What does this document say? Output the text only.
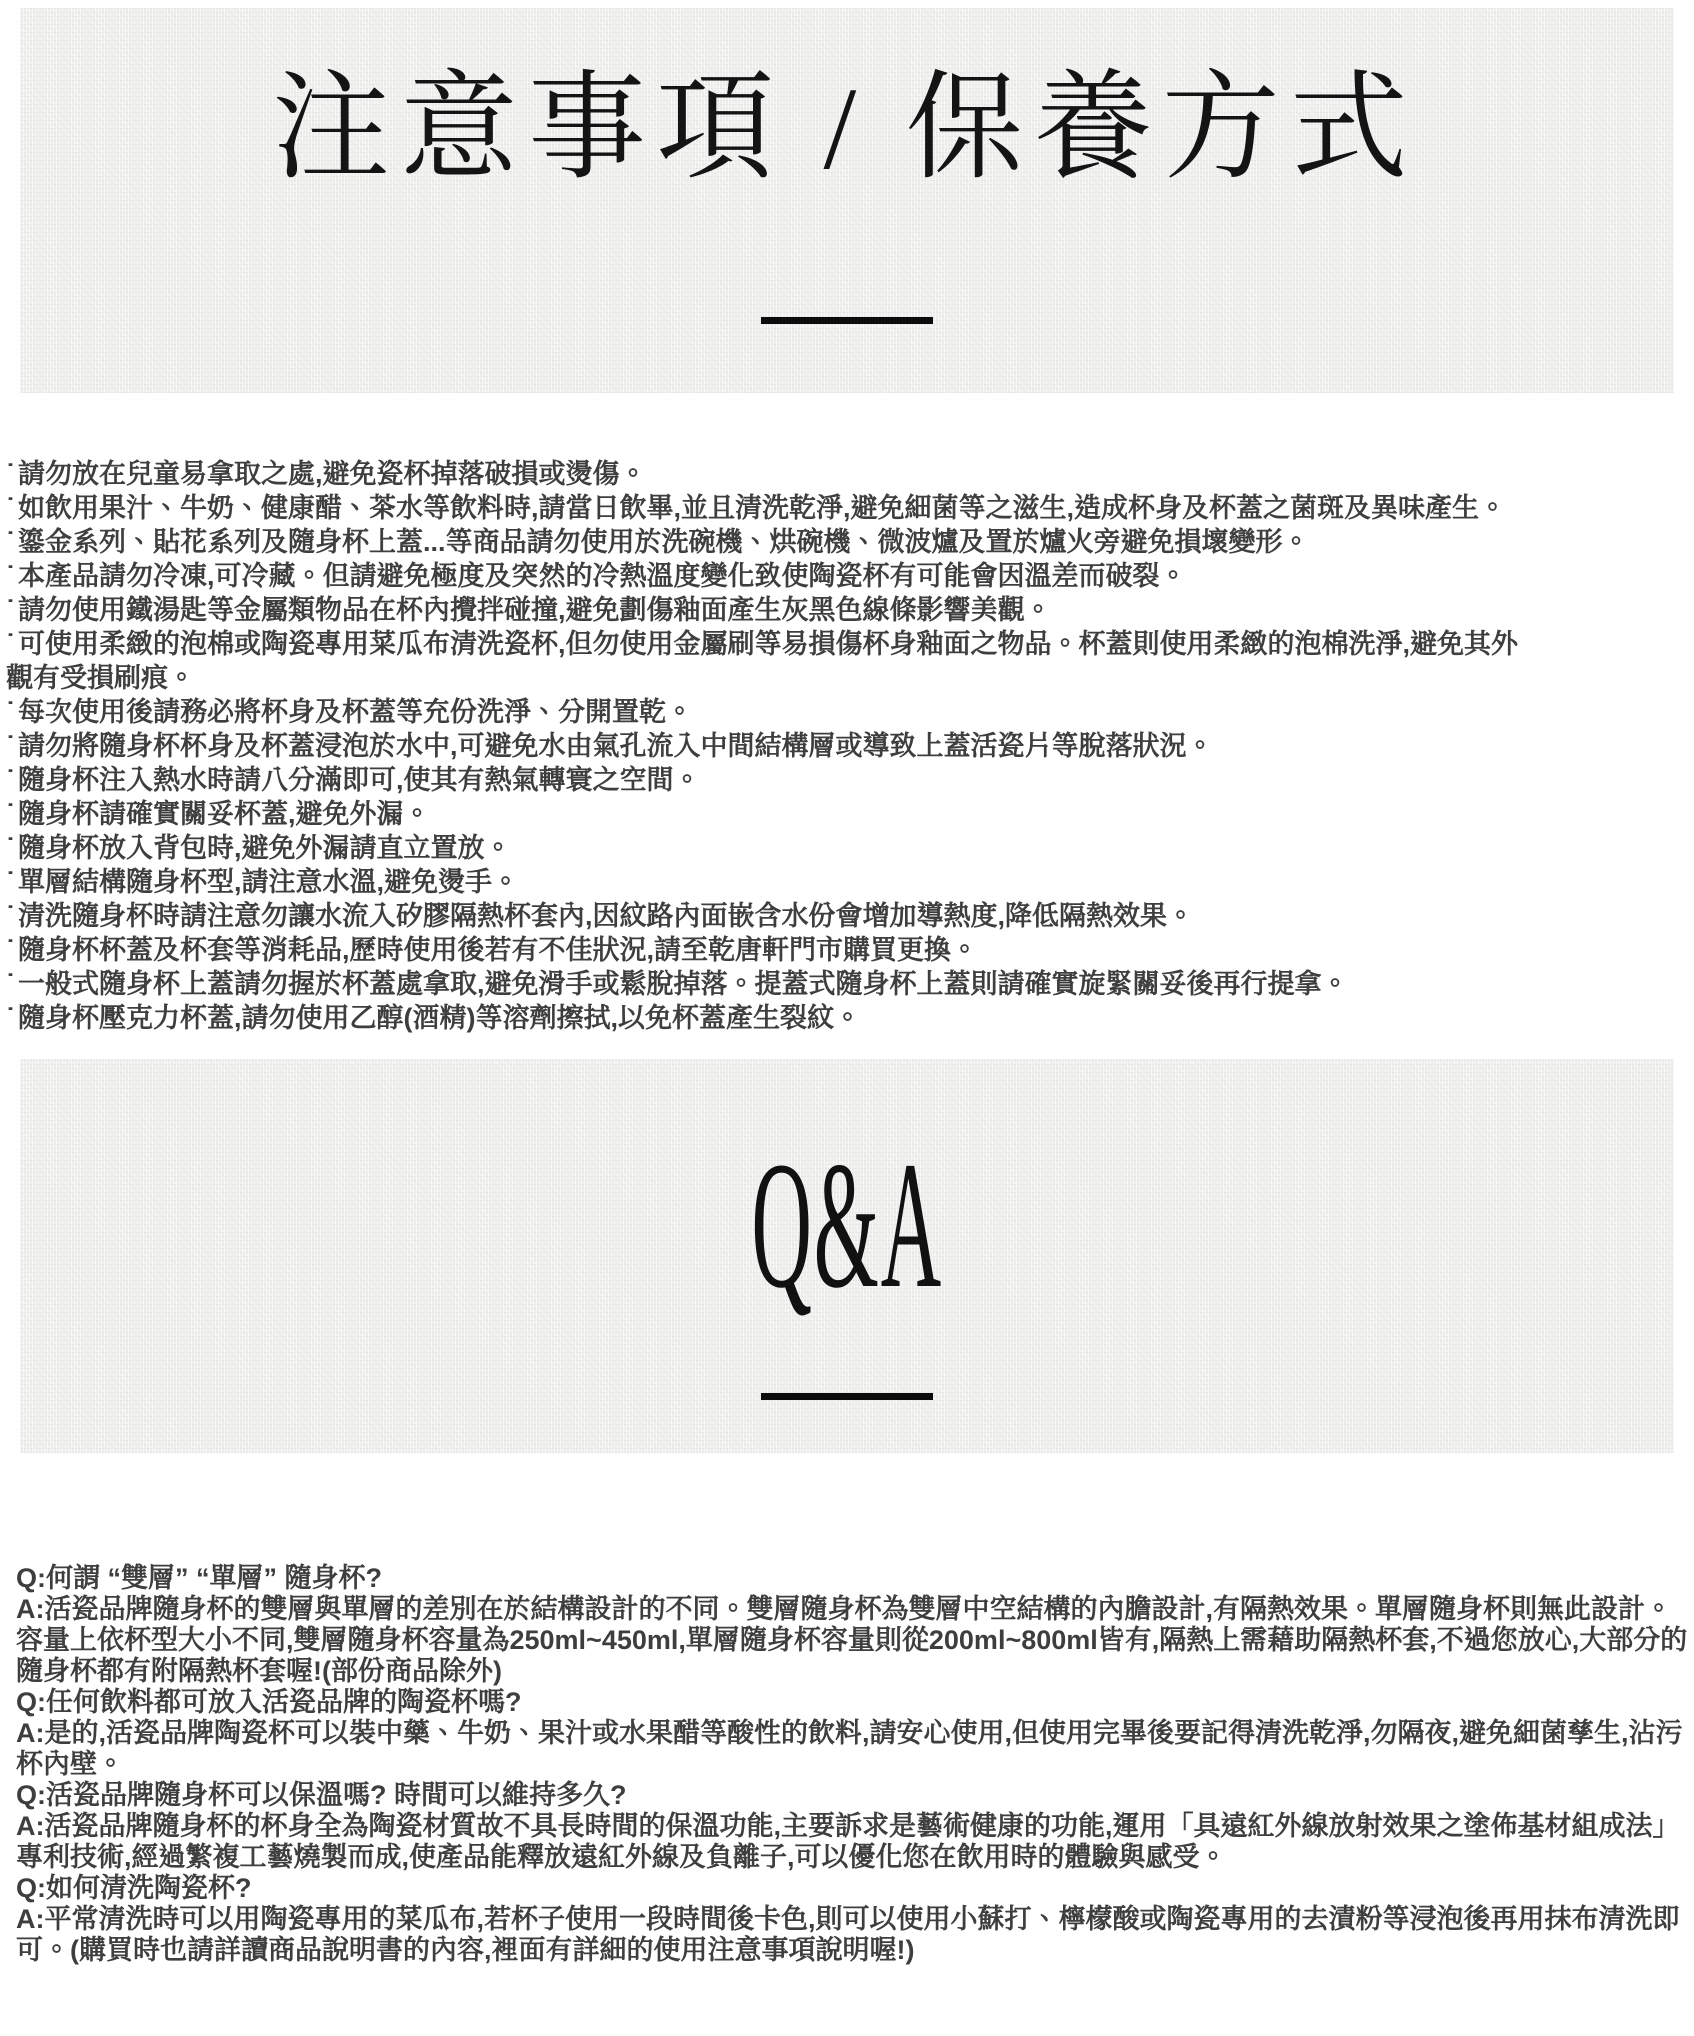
注意事項 / 保養方式
˙ 請勿放在兒童易拿取之處,避免瓷杯掉落破損或燙傷。
˙ 如飲用果汁、牛奶、健康醋、茶水等飲料時,請當日飲畢,並且清洗乾淨,避免細菌等之滋生,造成杯身及杯蓋之菌斑及異味產生。
˙ 鎏金系列、貼花系列及隨身杯上蓋...等商品請勿使用於洗碗機、烘碗機、微波爐及置於爐火旁避免損壞變形。
˙ 本產品請勿冷凍,可冷藏。但請避免極度及突然的冷熱溫度變化致使陶瓷杯有可能會因溫差而破裂。
˙ 請勿使用鐵湯匙等金屬類物品在杯內攪拌碰撞,避免劃傷釉面產生灰黑色線條影響美觀。
˙ 可使用柔緻的泡棉或陶瓷專用菜瓜布清洗瓷杯,但勿使用金屬刷等易損傷杯身釉面之物品。杯蓋則使用柔緻的泡棉洗淨,避免其外觀有受損刷痕。
˙ 每次使用後請務必將杯身及杯蓋等充份洗淨、分開置乾。
˙ 請勿將隨身杯杯身及杯蓋浸泡於水中,可避免水由氣孔流入中間結構層或導致上蓋活瓷片等脫落狀況。
˙ 隨身杯注入熱水時請八分滿即可,使其有熱氣轉寰之空間。
˙ 隨身杯請確實關妥杯蓋,避免外漏。
˙ 隨身杯放入背包時,避免外漏請直立置放。
˙ 單層結構隨身杯型,請注意水溫,避免燙手。
˙ 清洗隨身杯時請注意勿讓水流入矽膠隔熱杯套內,因紋路內面嵌含水份會增加導熱度,降低隔熱效果。
˙ 隨身杯杯蓋及杯套等消耗品,歷時使用後若有不佳狀況,請至乾唐軒門市購買更換。
˙ 一般式隨身杯上蓋請勿握於杯蓋處拿取,避免滑手或鬆脫掉落。提蓋式隨身杯上蓋則請確實旋緊關妥後再行提拿。
˙ 隨身杯壓克力杯蓋,請勿使用乙醇(酒精)等溶劑擦拭,以免杯蓋產生裂紋。
Q&A

Q:何謂 “雙層” “單層” 隨身杯?

A:活瓷品牌隨身杯的雙層與單層的差別在於結構設計的不同。雙層隨身杯為雙層中空結構的內膽設計,有隔熱效果。單層隨身杯則無此設計。容量上依杯型大小不同,雙層隨身杯容量為250ml~450ml,單層隨身杯容量則從200ml~800ml皆有,隔熱上需藉助隔熱杯套,不過您放心,大部分的隨身杯都有附隔熱杯套喔!(部份商品除外)

Q:任何飲料都可放入活瓷品牌的陶瓷杯嗎?

A:是的,活瓷品牌陶瓷杯可以裝中藥、牛奶、果汁或水果醋等酸性的飲料,請安心使用,但使用完畢後要記得清洗乾淨,勿隔夜,避免細菌孳生,沾污杯內壁。

Q:活瓷品牌隨身杯可以保溫嗎? 時間可以維持多久?

A:活瓷品牌隨身杯的杯身全為陶瓷材質故不具長時間的保溫功能,主要訴求是藝術健康的功能,運用「具遠紅外線放射效果之塗佈基材組成法」專利技術,經過繁複工藝燒製而成,使產品能釋放遠紅外線及負離子,可以優化您在飲用時的體驗與感受。

Q:如何清洗陶瓷杯?

A:平常清洗時可以用陶瓷專用的菜瓜布,若杯子使用一段時間後卡色,則可以使用小蘇打、檸檬酸或陶瓷專用的去漬粉等浸泡後再用抹布清洗即可。(購買時也請詳讀商品說明書的內容,裡面有詳細的使用注意事項說明喔!)
